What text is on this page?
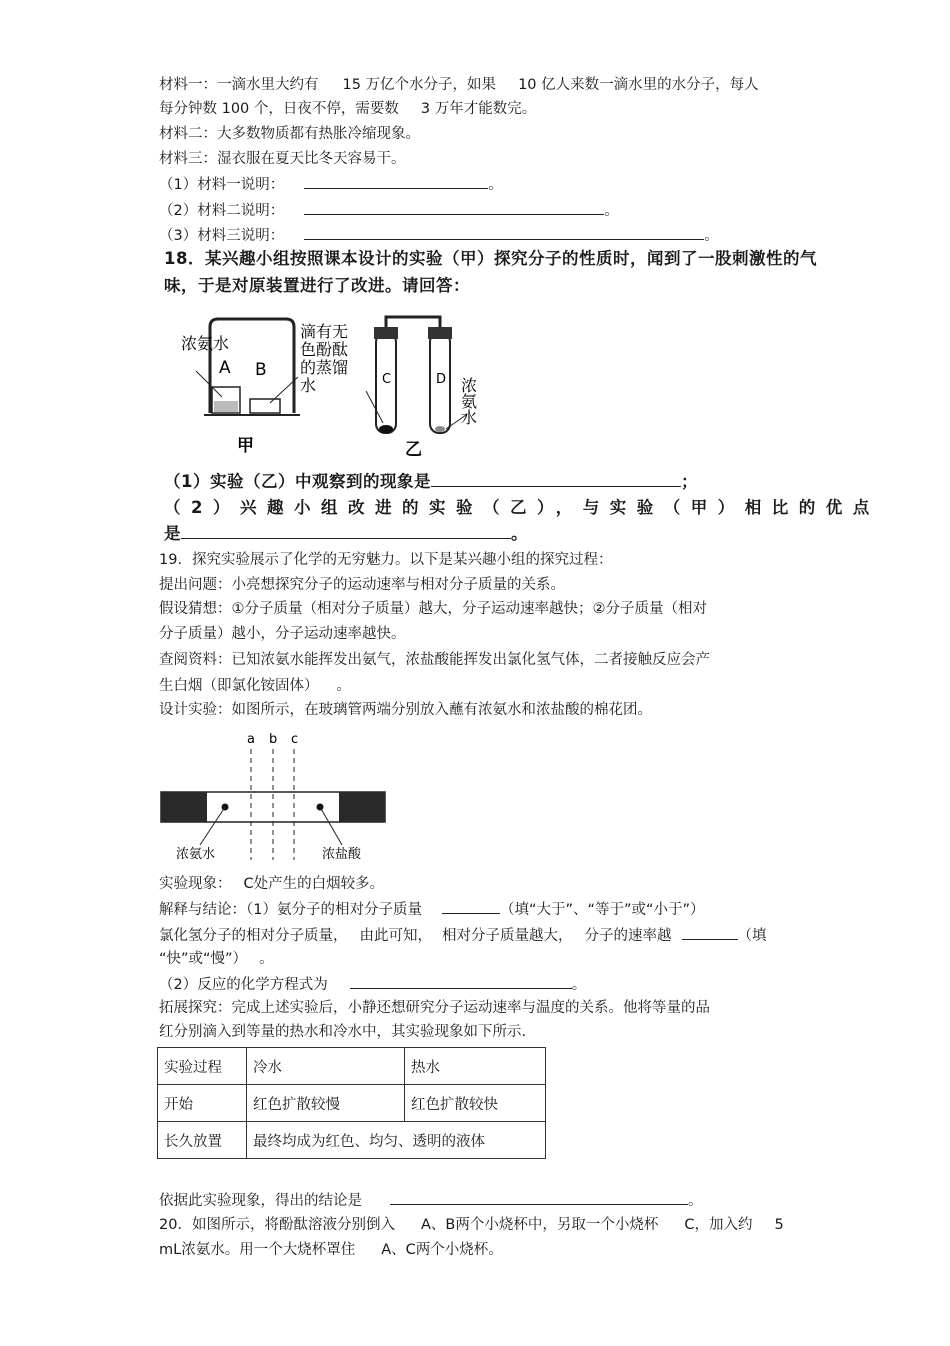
材料一：一滴水里大约有 15 万亿个水分子，如果 10 亿人来数一滴水里的水分子，每人
每分钟数 100 个，日夜不停，需要数 3 万年才能数完。
材料二：大多数物质都有热胀冷缩现象。
材料三：湿衣服在夏天比冬天容易干。
（1）材料一说明：	。
（2）材料二说明：	。
（3）材料三说明：	。
18．某兴趣小组按照课本设计的实验（甲）探究分子的性质时，闻到了一股刺激性的气
味，于是对原装置进行了改进。请回答：
A B
浓氨水
滴有无
色酚酞
的蒸馏
水
甲
C	D 浓氨水
乙
（1）实验（乙）中观察到的现象是	；
（2）兴趣小组改进的实验（乙），与实验（甲）相比的优点
是	。
19．探究实验展示了化学的无穷魅力。以下是某兴趣小组的探究过程：
提出问题：小亮想探究分子的运动速率与相对分子质量的关系。
假设猜想：①分子质量（相对分子质量）越大，分子运动速率越快；②分子质量（相对
分子质量）越小，分子运动速率越快。
查阅资料：已知浓氨水能挥发出氨气，浓盐酸能挥发出氯化氢气体，二者接触反应会产
生白烟（即氯化铵固体） 。
设计实验：如图所示，在玻璃管两端分别放入蘸有浓氨水和浓盐酸的棉花团。
a b c
浓氨水	浓盐酸
实验现象： C处产生的白烟较多。
解释与结论：（1）氨分子的相对分子质量	（填“大于”、“等于”或“小于”）
氯化氢分子的相对分子质量， 由此可知， 相对分子质量越大， 分子的速率越	（填
“快”或“慢”） 。
（2）反应的化学方程式为	。
拓展探究：完成上述实验后，小静还想研究分子运动速率与温度的关系。他将等量的品
红分别滴入到等量的热水和冷水中，其实验现象如下所示.
实验过程	冷水	热水
开始	红色扩散较慢	红色扩散较快
长久放置	最终均成为红色、均匀、透明的液体	
依据此实验现象，得出的结论是	。
20．如图所示，将酚酞溶液分别倒入 A、B两个小烧杯中，另取一个小烧杯 C，加入约 5
mL浓氨水。用一个大烧杯罩住 A、C两个小烧杯。
